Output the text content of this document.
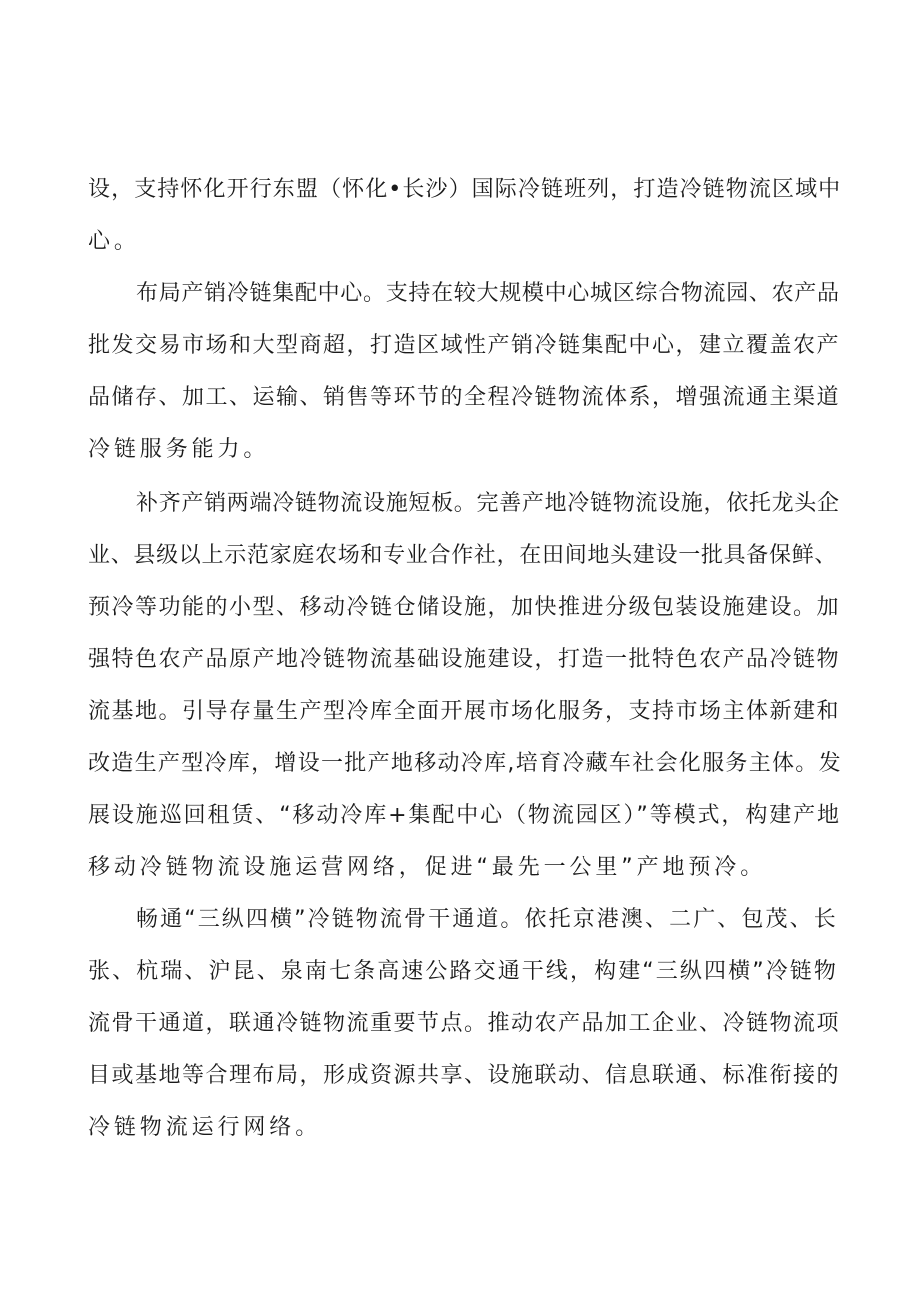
设，支持怀化开行东盟（怀化•长沙）国际冷链班列，打造冷链物流区域中
心。
布局产销冷链集配中心。支持在较大规模中心城区综合物流园、农产品
批发交易市场和大型商超，打造区域性产销冷链集配中心，建立覆盖农产
品储存、加工、运输、销售等环节的全程冷链物流体系，增强流通主渠道
冷链服务能力。
补齐产销两端冷链物流设施短板。完善产地冷链物流设施，依托龙头企
业、县级以上示范家庭农场和专业合作社，在田间地头建设一批具备保鲜、
预冷等功能的小型、移动冷链仓储设施，加快推进分级包装设施建设。加
强特色农产品原产地冷链物流基础设施建设，打造一批特色农产品冷链物
流基地。引导存量生产型冷库全面开展市场化服务，支持市场主体新建和
改造生产型冷库，增设一批产地移动冷库,培育冷藏车社会化服务主体。发
展设施巡回租赁、“移动冷库+集配中心（物流园区）”等模式，构建产地
移动冷链物流设施运营网络，促进“最先一公里”产地预冷。
畅通“三纵四横”冷链物流骨干通道。依托京港澳、二广、包茂、长
张、杭瑞、沪昆、泉南七条高速公路交通干线，构建“三纵四横”冷链物
流骨干通道，联通冷链物流重要节点。推动农产品加工企业、冷链物流项
目或基地等合理布局，形成资源共享、设施联动、信息联通、标准衔接的
冷链物流运行网络。
